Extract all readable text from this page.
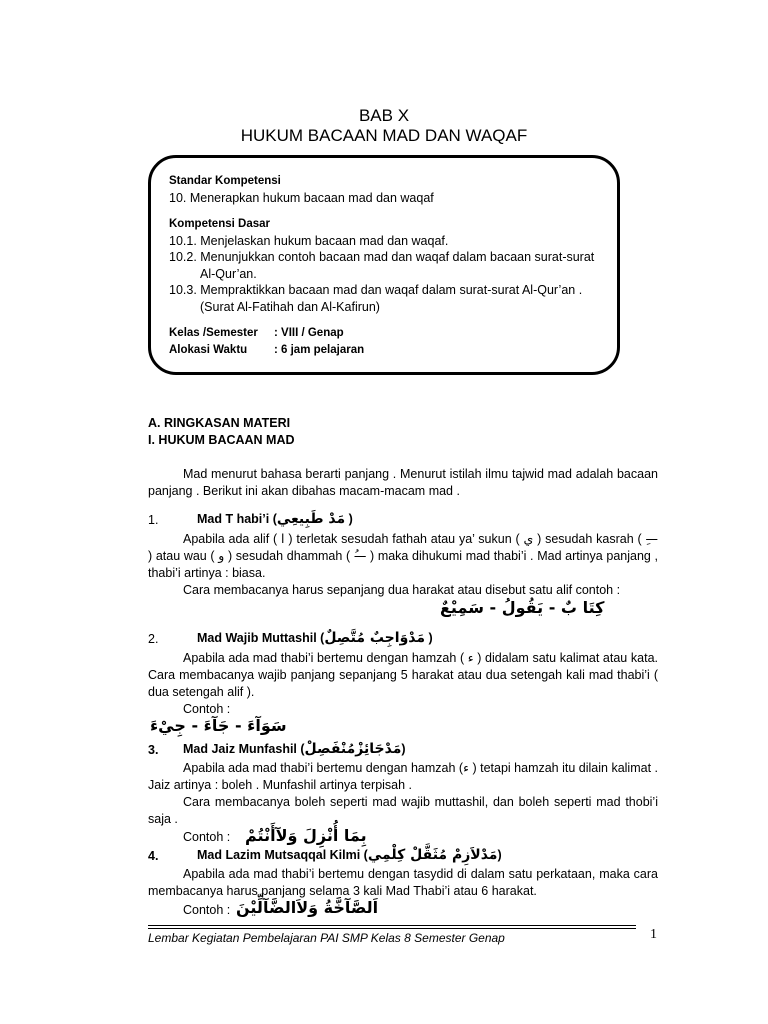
BAB X
HUKUM BACAAN MAD DAN WAQAF
Standar Kompetensi
10. Menerapkan hukum bacaan mad dan waqaf
Kompetensi Dasar
10.1. Menjelaskan hukum bacaan mad dan waqaf.
10.2. Menunjukkan contoh bacaan mad dan waqaf dalam bacaan surat-surat
Al-Qur’an.
10.3. Mempraktikkan bacaan mad dan waqaf dalam surat-surat Al-Qur’an .
(Surat Al-Fatihah dan Al-Kafirun)
Kelas /Semester : VIII / Genap
Alokasi Waktu : 6 jam pelajaran
A. RINGKASAN MATERI
I. HUKUM BACAAN MAD
Mad menurut bahasa berarti panjang . Menurut istilah ilmu tajwid mad adalah bacaan panjang . Berikut ini akan dibahas macam-macam mad .
1.	Mad T habi’i (مَدْ طَبِيعِي )
Apabila ada alif ( ا ) terletak sesudah fathah atau ya’ sukun ( ي ) sesudah kasrah ( —ِ ) atau wau ( و ) sesudah dhammah ( —ُ ) maka dihukumi mad thabi’i . Mad artinya panjang , thabi’i artinya : biasa.
Cara membacanya harus sepanjang dua harakat atau disebut satu alif contoh :
كِتَا بٌ - يَقُولُ - سَمِيْعٌ
2.	Mad Wajib Muttashil (مَدْوَاجِبٌ مُتَّصِلٌ )
Apabila ada mad thabi’i bertemu dengan hamzah ( ء ) didalam satu kalimat atau kata. Cara membacanya wajib panjang sepanjang 5 harakat atau dua setengah kali mad thabi’i ( dua setengah alif ).
Contoh :
سَوَآءَ - جَآءَ - جِيْءَ
3. Mad Jaiz Munfashil (مَدْجَائِزْمُنْفَصِلْ)
Apabila ada mad thabi’i bertemu dengan hamzah (ء ) tetapi hamzah itu dilain kalimat . Jaiz artinya : boleh . Munfashil artinya terpisah .
Cara membacanya boleh seperti mad wajib muttashil, dan boleh seperti mad thobi’i saja .
Contoh : بِمَا أُنْزِلَ وَلآأَنْتُمْ
4.	Mad Lazim Mutsaqqal Kilmi (مَدْلاَزِمْ مُثَقَّلْ كِلْمِي)
Apabila ada mad thabi’i bertemu dengan tasydid di dalam satu perkataan, maka cara membacanya harus panjang selama 3 kali Mad Thabi’i atau 6 harakat.
Contoh : اَلصَّآخَّةُ وَلاَالضَّآلِّيْنَ
Lembar Kegiatan Pembelajaran PAI SMP Kelas 8 Semester Genap	1
